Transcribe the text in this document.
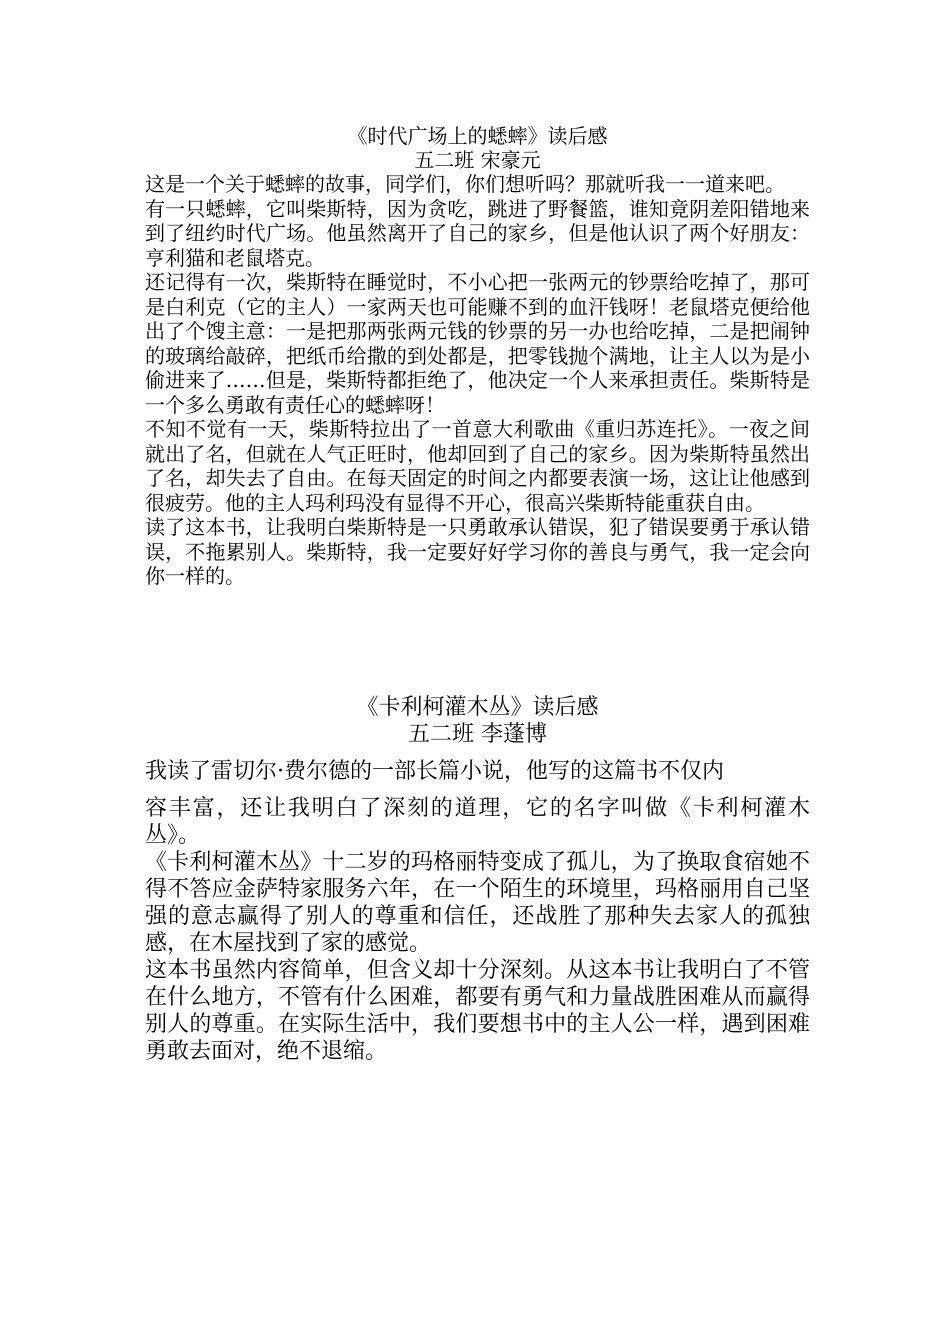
《时代广场上的蟋蟀》读后感
五二班 宋豪元

这是一个关于蟋蟀的故事，同学们，你们想听吗？那就听我一一道来吧。

有一只蟋蟀，它叫柴斯特，因为贪吃，跳进了野餐篮，谁知竟阴差阳错地来到了纽约时代广场。他虽然离开了自己的家乡，但是他认识了两个好朋友：亨利猫和老鼠塔克。

还记得有一次，柴斯特在睡觉时，不小心把一张两元的钞票给吃掉了，那可是白利克（它的主人）一家两天也可能赚不到的血汗钱呀！老鼠塔克便给他出了个馊主意：一是把那两张两元钱的钞票的另一办也给吃掉，二是把闹钟的玻璃给敲碎，把纸币给撒的到处都是，把零钱抛个满地，让主人以为是小偷进来了……但是，柴斯特都拒绝了，他决定一个人来承担责任。柴斯特是一个多么勇敢有责任心的蟋蟀呀！

不知不觉有一天，柴斯特拉出了一首意大利歌曲《重归苏连托》。一夜之间就出了名，但就在人气正旺时，他却回到了自己的家乡。因为柴斯特虽然出了名，却失去了自由。在每天固定的时间之内都要表演一场，这让让他感到很疲劳。他的主人玛利玛没有显得不开心，很高兴柴斯特能重获自由。

读了这本书，让我明白柴斯特是一只勇敢承认错误，犯了错误要勇于承认错误，不拖累别人。柴斯特，我一定要好好学习你的善良与勇气，我一定会向你一样的。

《卡利柯灌木丛》读后感
五二班 李蓬博

我读了雷切尔·费尔德的一部长篇小说，他写的这篇书不仅内

容丰富，还让我明白了深刻的道理，它的名字叫做《卡利柯灌木丛》。

《卡利柯灌木丛》十二岁的玛格丽特变成了孤儿，为了换取食宿她不得不答应金萨特家服务六年，在一个陌生的环境里，玛格丽用自己坚强的意志赢得了别人的尊重和信任，还战胜了那种失去家人的孤独感，在木屋找到了家的感觉。

这本书虽然内容简单，但含义却十分深刻。从这本书让我明白了不管在什么地方，不管有什么困难，都要有勇气和力量战胜困难从而赢得别人的尊重。在实际生活中，我们要想书中的主人公一样，遇到困难勇敢去面对，绝不退缩。
